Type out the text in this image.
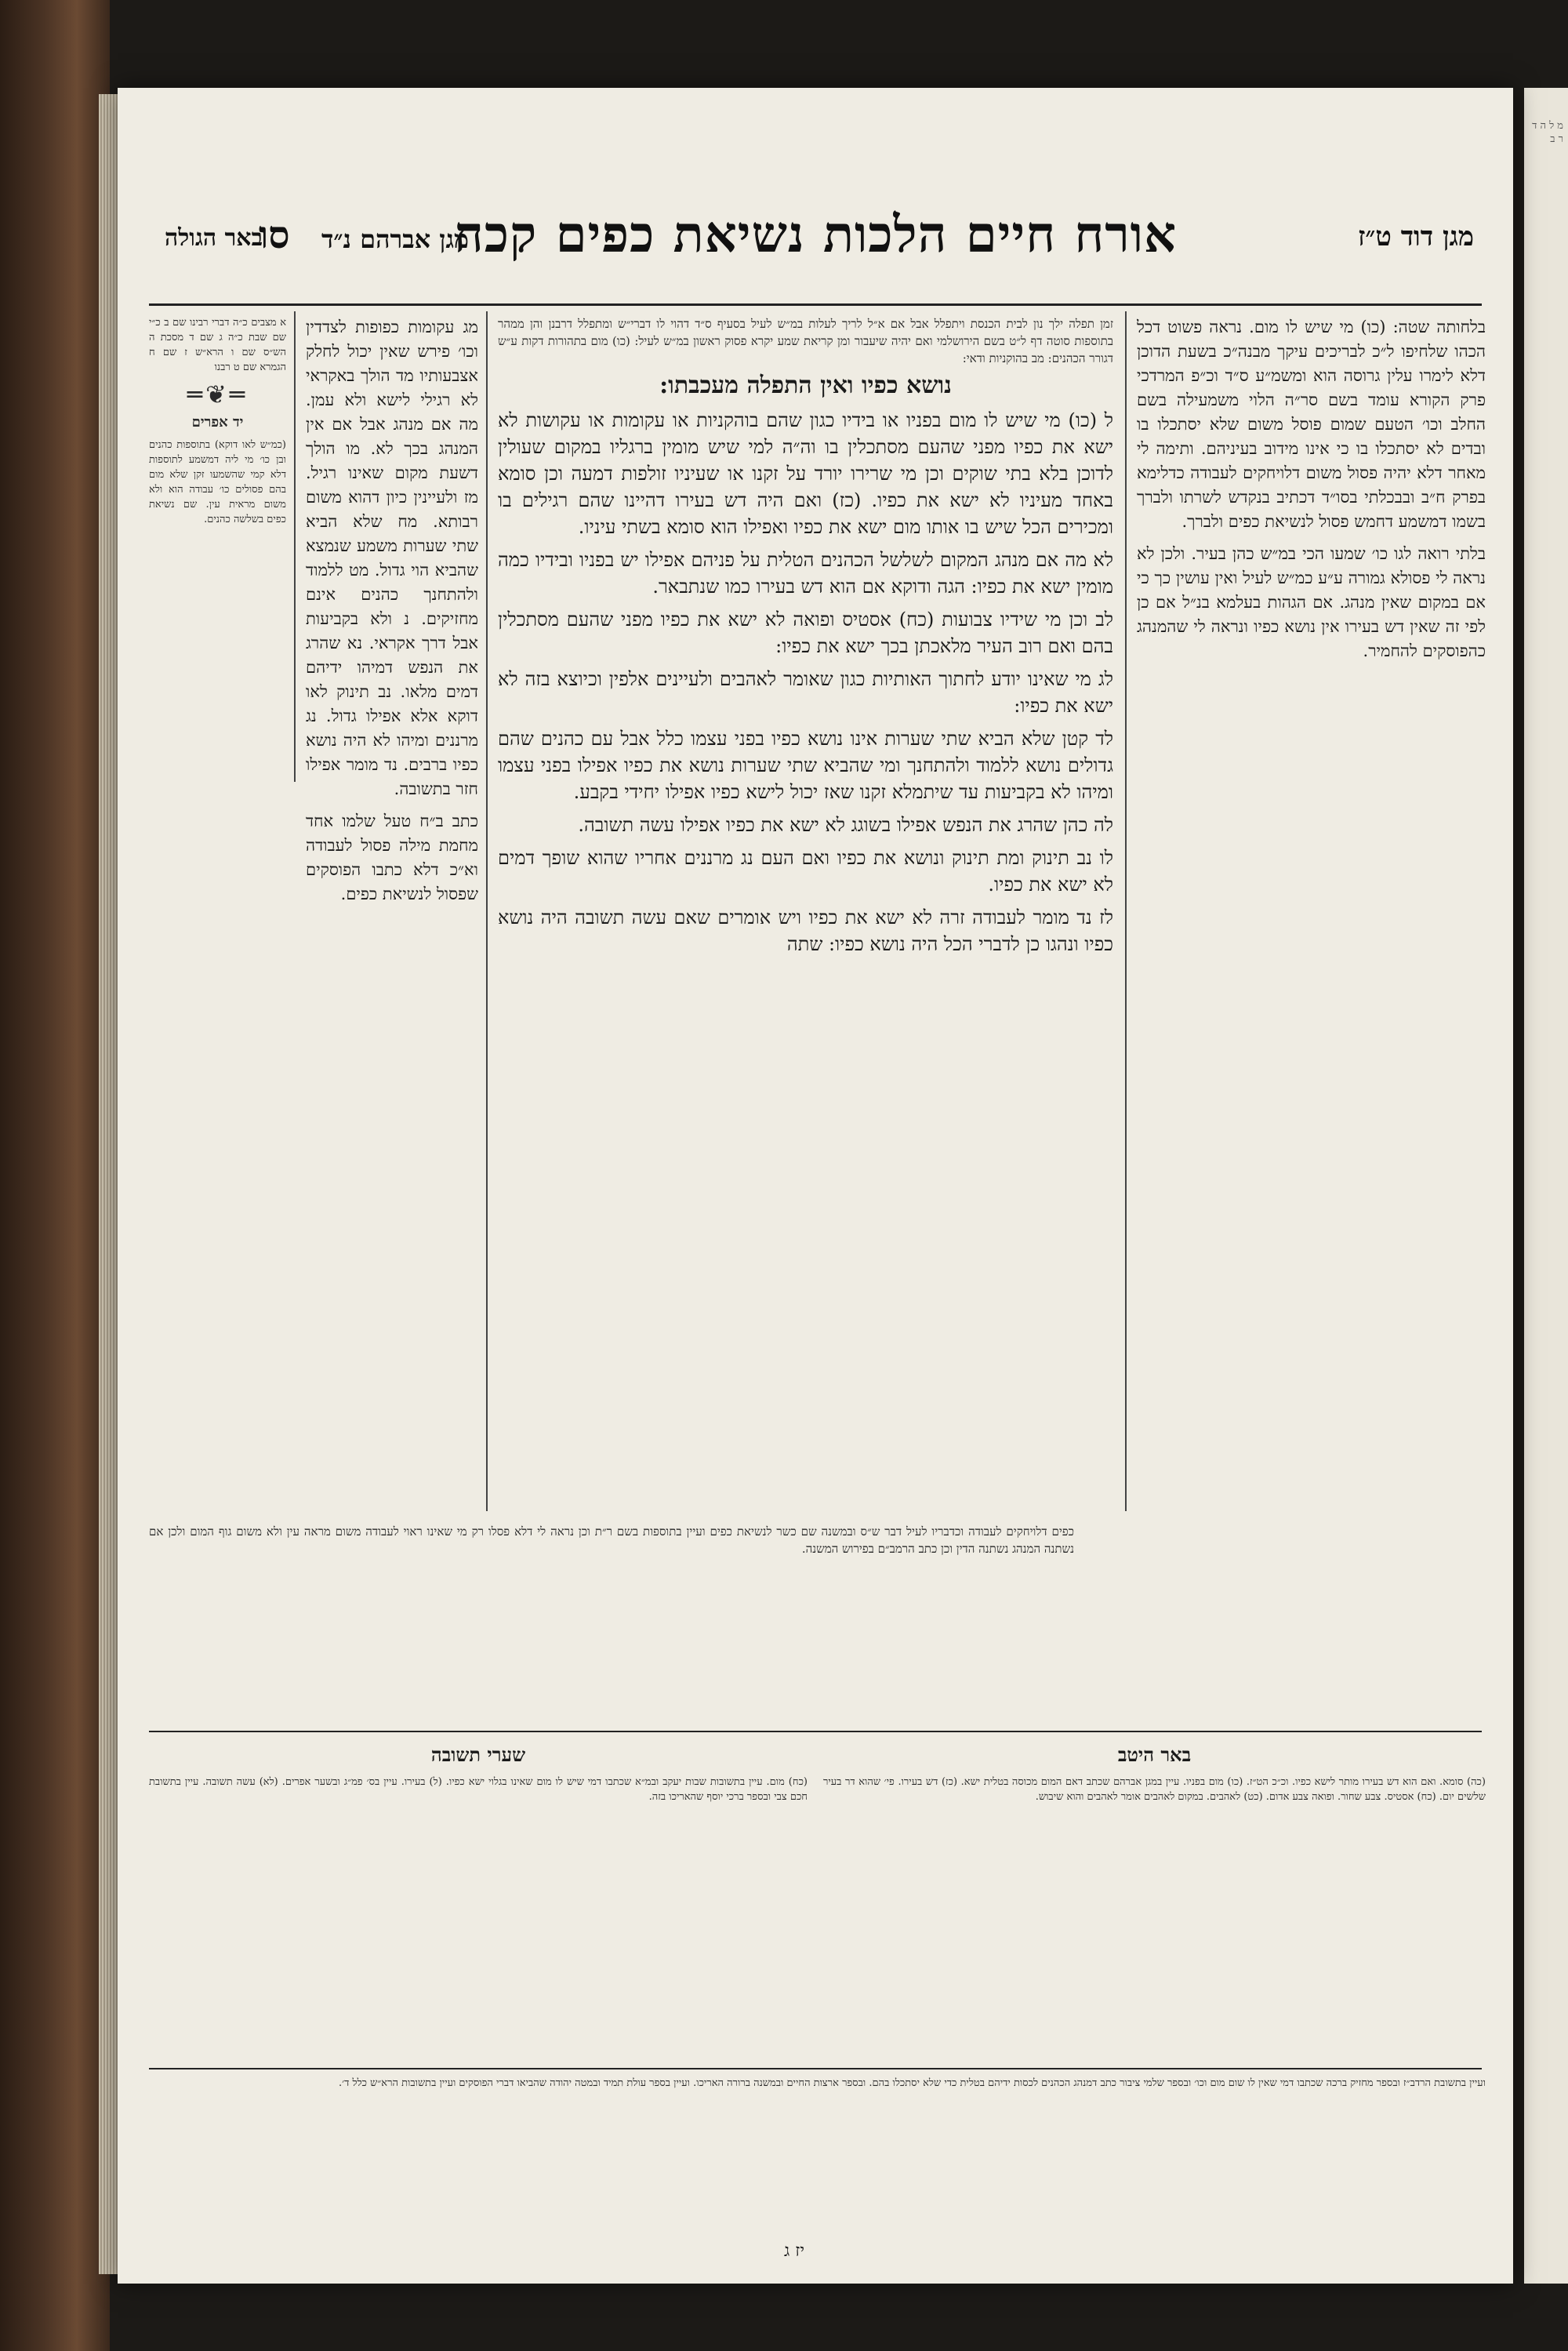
מ ל ה ד ר ב
מגן דוד ט״ז
אורח חיים הלכות נשיאת כפים קכח
מגן אברהם נ״ד
סו
באר הגולה
בלחותה שטה: (כו) מי שיש לו מום. נראה פשוט דכל הכהו שלחיפו ל״כ לבריכים עיקך מבנה״כ בשעת הדוכן דלא לימרו עלין גרוסה הוא ומשמ״ע ס״ד וכ״פ המרדכי פרק הקורא עומד בשם סר״ה הלוי משמעילה בשם החלב וכו׳ הטעם שמום פוסל משום שלא יסתכלו בו ובדים לא יסתכלו בו כי אינו מידוב בעיניהם. ותימה לי מאחר דלא יהיה פסול משום דלויחקים לעבודה כדלימא בפרק ח״ב ובבכלתי בסו״ד דכתיב בנקדש לשרתו ולברך בשמו דמשמע דחמש פסול לנשיאת כפים ולברך.
בלתי רואה לגו כו׳ שמעו הכי במ״ש כהן בעיר. ולכן לא נראה לי פסולא גמורה ע״ע כמ״ש לעיל ואין עושין כך כי אם במקום שאין מנהג. אם הגהות בעלמא בנ״ל אם כן לפי זה שאין דש בעירו אין נושא כפיו ונראה לי שהמנהג כהפוסקים להחמיר.
זמן תפלה ילך נון לבית הכנסת ויתפלל אבל אם א״ל לריך לעלות במ״ש לעיל בסעיף ס״ד דהוי לו דברי״ש ומתפלל דרבנן והן ממהר בתוספות סוטה דף ל״ט בשם הירושלמי ואם יהיה שיעבור ומן קריאת שמע יקרא פסוק ראשון במ״ש לעיל: (כו) מום בתהורות דקות ע״ש דגורר הכהנים: מב בהוקניות ודאי:
נושא כפיו ואין התפלה מעכבתו:
ל (כו) מי שיש לו מום בפניו או בידיו כגון שהם בוהקניות או עקומות או עקושות לא ישא את כפיו מפני שהעם מסתכלין בו וה״ה למי שיש מומין ברגליו במקום שעולין לדוכן בלא בתי שוקים וכן מי שרירו יורד על זקנו או שעיניו זולפות דמעה וכן סומא באחד מעיניו לא ישא את כפיו. (כז) ואם היה דש בעירו דהיינו שהם רגילים בו ומכירים הכל שיש בו אותו מום ישא את כפיו ואפילו הוא סומא בשתי עיניו.
לא מה אם מנהג המקום לשלשל הכהנים הטלית על פניהם אפילו יש בפניו ובידיו כמה מומין ישא את כפיו: הגה ודוקא אם הוא דש בעירו כמו שנתבאר.
לב וכן מי שידיו צבועות (כח) אסטיס ופואה לא ישא את כפיו מפני שהעם מסתכלין בהם ואם רוב העיר מלאכתן בכך ישא את כפיו:
לג מי שאינו יודע לחתוך האותיות כגון שאומר לאהבים ולעיינים אלפין וכיוצא בזה לא ישא את כפיו:
לד קטן שלא הביא שתי שערות אינו נושא כפיו בפני עצמו כלל אבל עם כהנים שהם גדולים נושא ללמוד ולהתחנך ומי שהביא שתי שערות נושא את כפיו אפילו בפני עצמו ומיהו לא בקביעות עד שיתמלא זקנו שאז יכול לישא כפיו אפילו יחידי בקבע.
לה כהן שהרג את הנפש אפילו בשוגג לא ישא את כפיו אפילו עשה תשובה.
לו נב תינוק ומת תינוק ונושא את כפיו ואם העם נג מרננים אחריו שהוא שופך דמים לא ישא את כפיו.
לז נד מומר לעבודה זרה לא ישא את כפיו ויש אומרים שאם עשה תשובה היה נושא כפיו ונהגו כן לדברי הכל היה נושא כפיו: שתה
מג עקומות כפופות לצדדין וכו׳ פירש שאין יכול לחלק אצבעותיו מד הולך באקראי לא רגילי לישא ולא עמן. מה אם מנהג אבל אם אין המנהג בכך לא. מו הולך דשעת מקום שאינו רגיל. מז ולעיינין כיון דהוא משום רבותא. מח שלא הביא שתי שערות משמע שנמצא שהביא הוי גדול. מט ללמוד ולהתחנך כהנים אינם מחזיקים. נ ולא בקביעות אבל דרך אקראי. נא שהרג את הנפש דמיהו ידיהם דמים מלאו. נב תינוק לאו דוקא אלא אפילו גדול. נג מרננים ומיהו לא היה נושא כפיו ברבים. נד מומר אפילו חזר בתשובה.
כתב ב״ח טעל שלמו אחד מחמת מילה פסול לעבודה וא״כ דלא כתבו הפוסקים שפסול לנשיאת כפים.
א מצבים כ״ה דברי רבינו שם ב כ״י שם שבת כ״ה ג שם ד מסכת ה הש״ס שם ו הרא״ש ז שם ח הגמרא שם ט רבנו
═❦═
יד אפרים
(כמ״ש לאו דוקא) בתוספות כהנים ובן כו׳ מי ליה דמשמע לתוספות דלא קמי שהשמעו זקן שלא מום בהם פסולים כו׳ עבודה הוא ולא משום מראית עין. שם נשיאת כפים בשלשה כהנים.
כפים דלויחקים לעבודה וכדבריו לעיל דבר ש״ס ובמשנה שם כשר לנשיאת כפים ועיין בתוספות בשם ר״ת וכן נראה לי דלא פסלו רק מי שאינו ראוי לעבודה משום מראה עין ולא משום גוף המום ולכן אם נשתנה המנהג נשתנה הדין וכן כתב הרמב״ם בפירוש המשנה.
באר היטב
(כה) סומא. ואם הוא דש בעירו מותר לישא כפיו. וכ״כ הט״ז. (כו) מום בפניו. עיין במגן אברהם שכתב דאם המום מכוסה בטלית ישא. (כז) דש בעירו. פי׳ שהוא דר בעיר שלשים יום. (כח) אסטיס. צבע שחור. ופואה צבע אדום. (כט) לאהבים. במקום לאהבים אומר לאהבים והוא שיבוש.
שערי תשובה
(כח) מום. עיין בתשובות שבות יעקב ובמ״א שכתבו דמי שיש לו מום שאינו בגלוי ישא כפיו. (ל) בעירו. עיין בס׳ פמ״ג ובשער אפרים. (לא) עשה תשובה. עיין בתשובת חכם צבי ובספר ברכי יוסף שהאריכו בזה.
ועיין בתשובת הרדב״ז ובספר מחזיק ברכה שכתבו דמי שאין לו שום מום וכו׳ ובספר שלמי ציבור כתב דמנהג הכהנים לכסות ידיהם בטלית כדי שלא יסתכלו בהם. ובספר ארצות החיים ובמשנה ברורה האריכו. ועיין בספר עולת תמיד ובמטה יהודה שהביאו דברי הפוסקים ועיין בתשובות הרא״ש כלל ד׳.
יז ג
